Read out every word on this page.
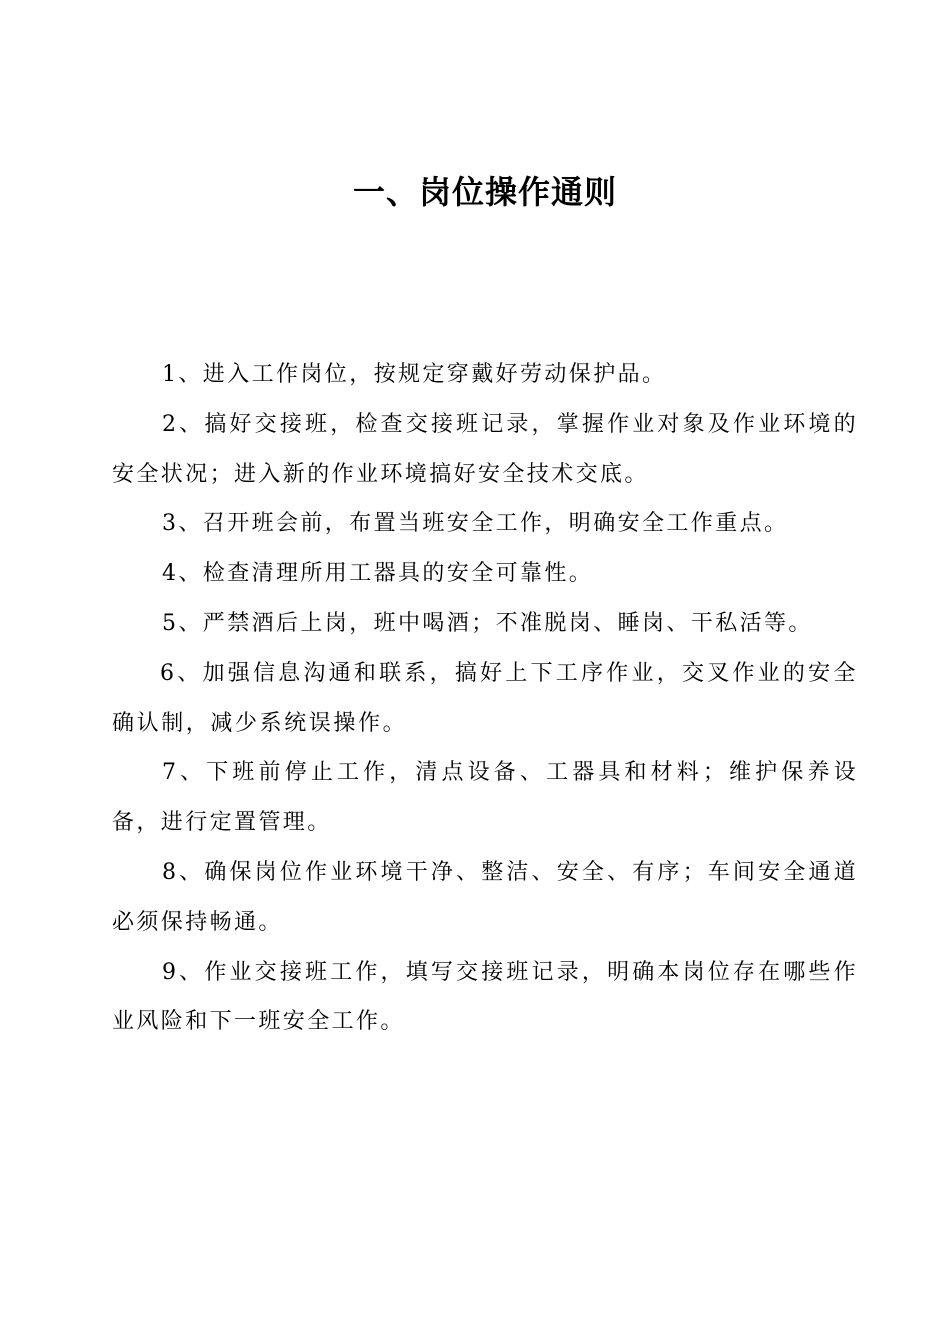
一、岗位操作通则

1、进入工作岗位，按规定穿戴好劳动保护品。

2、搞好交接班，检查交接班记录，掌握作业对象及作业环境的安全状况；进入新的作业环境搞好安全技术交底。

3、召开班会前，布置当班安全工作，明确安全工作重点。

4、检查清理所用工器具的安全可靠性。

5、严禁酒后上岗，班中喝酒；不准脱岗、睡岗、干私活等。

6、加强信息沟通和联系，搞好上下工序作业，交叉作业的安全确认制，减少系统误操作。

7、下班前停止工作，清点设备、工器具和材料；维护保养设备，进行定置管理。

8、确保岗位作业环境干净、整洁、安全、有序；车间安全通道必须保持畅通。

9、作业交接班工作，填写交接班记录，明确本岗位存在哪些作业风险和下一班安全工作。
